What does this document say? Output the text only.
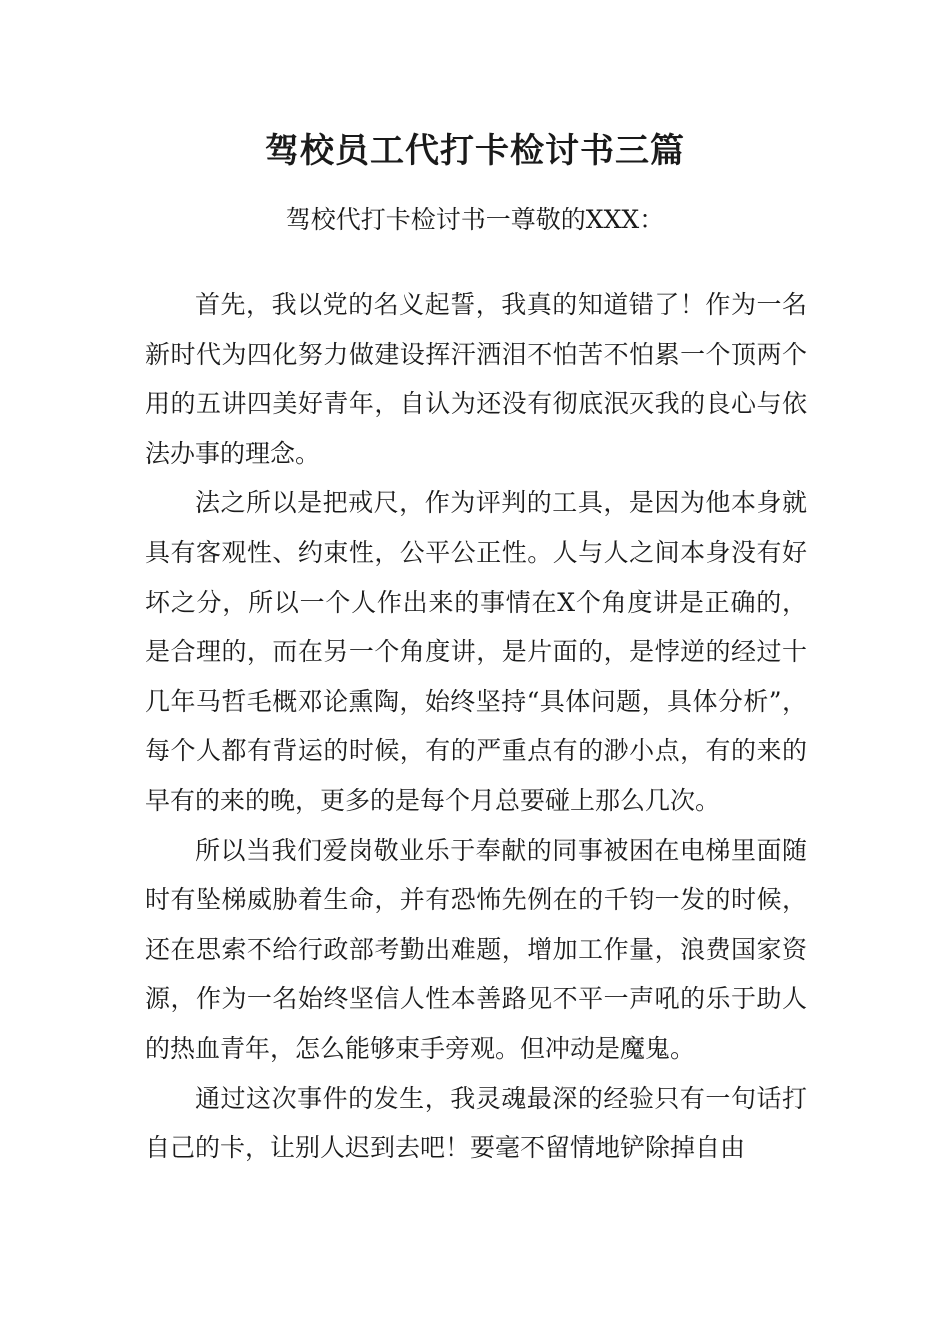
驾校员工代打卡检讨书三篇

驾校代打卡检讨书一尊敬的XXX：

首先，我以党的名义起誓，我真的知道错了！作为一名新时代为四化努力做建设挥汗洒泪不怕苦不怕累一个顶两个用的五讲四美好青年，自认为还没有彻底泯灭我的良心与依法办事的理念。

法之所以是把戒尺，作为评判的工具，是因为他本身就具有客观性、约束性，公平公正性。人与人之间本身没有好坏之分，所以一个人作出来的事情在X个角度讲是正确的，是合理的，而在另一个角度讲，是片面的，是悖逆的经过十几年马哲毛概邓论熏陶，始终坚持“具体问题，具体分析”，每个人都有背运的时候，有的严重点有的渺小点，有的来的早有的来的晚，更多的是每个月总要碰上那么几次。

所以当我们爱岗敬业乐于奉献的同事被困在电梯里面随时有坠梯威胁着生命，并有恐怖先例在的千钧一发的时候，还在思索不给行政部考勤出难题，增加工作量，浪费国家资源，作为一名始终坚信人性本善路见不平一声吼的乐于助人的热血青年，怎么能够束手旁观。但冲动是魔鬼。

通过这次事件的发生，我灵魂最深的经验只有一句话打自己的卡，让别人迟到去吧！要毫不留情地铲除掉自由
